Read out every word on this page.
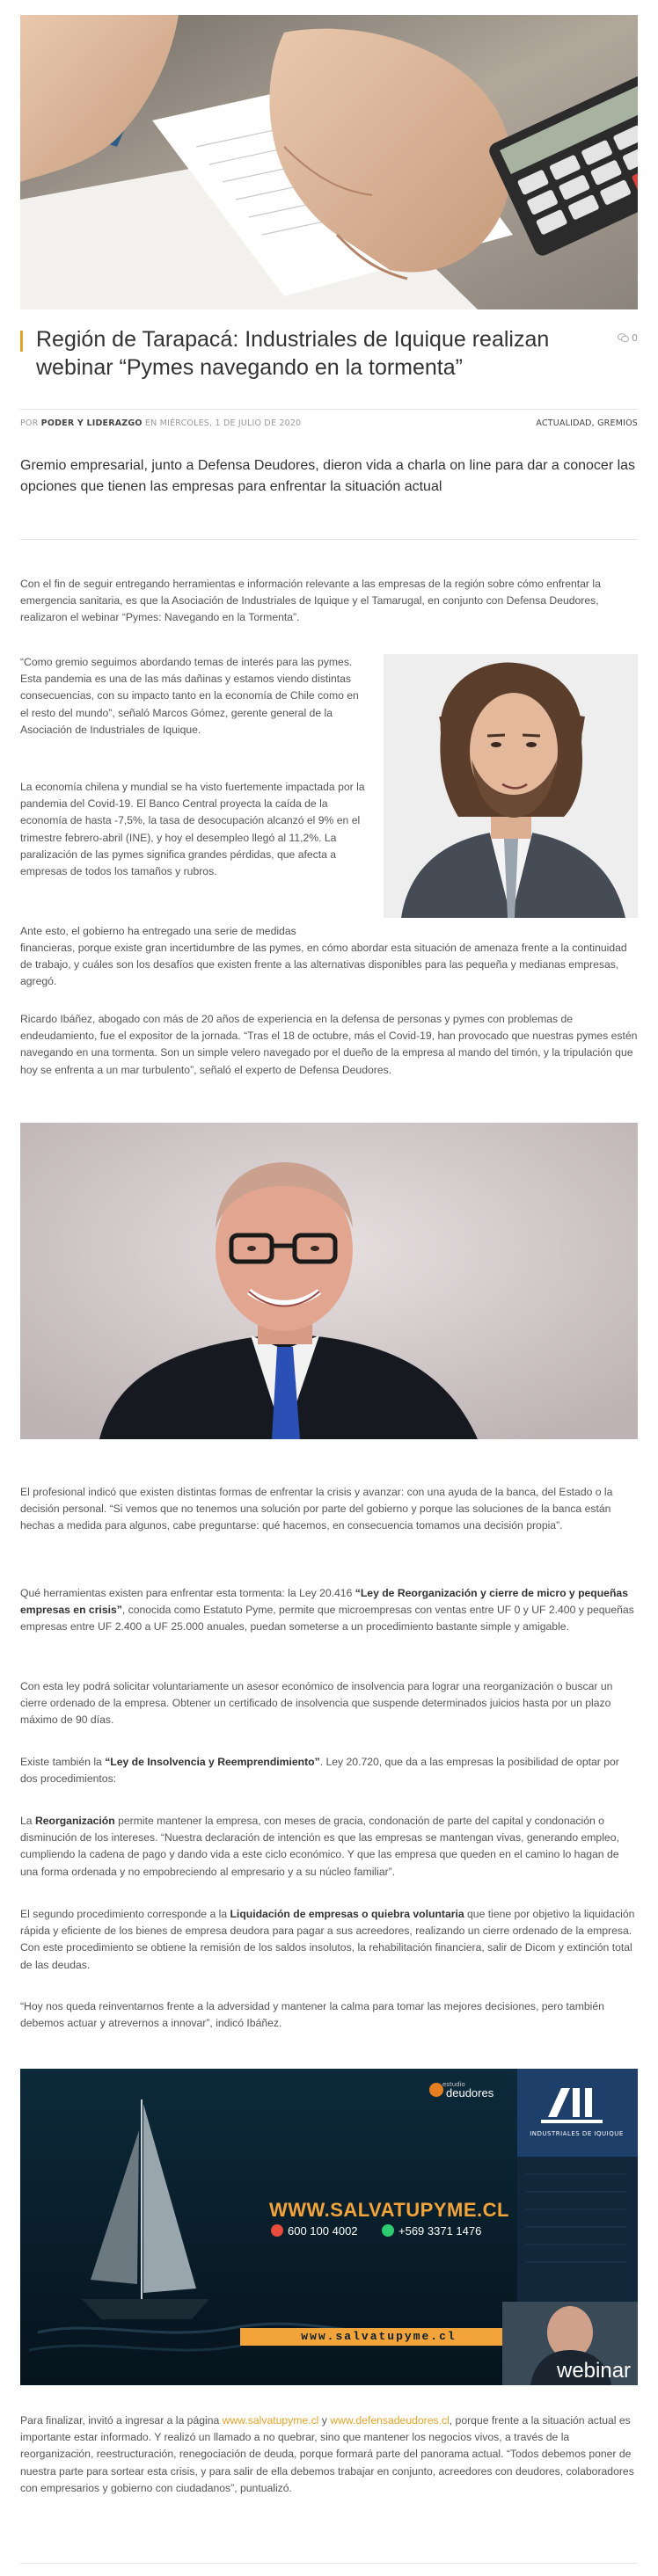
Región de Tarapacá: Industriales de Iquique realizan webinar “Pymes navegando en la tormenta”
0
POR PODER Y LIDERAZGO EN MIÉRCOLES, 1 DE JULIO DE 2020	ACTUALIDAD, GREMIOS

Gremio empresarial, junto a Defensa Deudores, dieron vida a charla on line para dar a conocer las opciones que tienen las empresas para enfrentar la situación actual

Con el fin de seguir entregando herramientas e información relevante a las empresas de la región sobre cómo enfrentar la emergencia sanitaria, es que la Asociación de Industriales de Iquique y el Tamarugal, en conjunto con Defensa Deudores, realizaron el webinar “Pymes: Navegando en la Tormenta”.

“Como gremio seguimos abordando temas de interés para las pymes. Esta pandemia es una de las más dañinas y estamos viendo distintas consecuencias, con su impacto tanto en la economía de Chile como en el resto del mundo”, señaló Marcos Gómez, gerente general de la Asociación de Industriales de Iquique.

La economía chilena y mundial se ha visto fuertemente impactada por la pandemia del Covid-19. El Banco Central proyecta la caída de la economía de hasta -7,5%, la tasa de desocupación alcanzó el 9% en el trimestre febrero-abril (INE), y hoy el desempleo llegó al 11,2%. La paralización de las pymes significa grandes pérdidas, que afecta a empresas de todos los tamaños y rubros.

Ante esto, el gobierno ha entregado una serie de medidas

financieras, porque existe gran incertidumbre de las pymes, en cómo abordar esta situación de amenaza frente a la continuidad de trabajo, y cuáles son los desafíos que existen frente a las alternativas disponibles para las pequeña y medianas empresas, agregó.

Ricardo Ibáñez, abogado con más de 20 años de experiencia en la defensa de personas y pymes con problemas de endeudamiento, fue el expositor de la jornada. “Tras el 18 de octubre, más el Covid-19, han provocado que nuestras pymes estén navegando en una tormenta. Son un simple velero navegado por el dueño de la empresa al mando del timón, y la tripulación que hoy se enfrenta a un mar turbulento”, señaló el experto de Defensa Deudores.

El profesional indicó que existen distintas formas de enfrentar la crisis y avanzar: con una ayuda de la banca, del Estado o la decisión personal. “Si vemos que no tenemos una solución por parte del gobierno y porque las soluciones de la banca están hechas a medida para algunos, cabe preguntarse: qué hacemos, en consecuencia tomamos una decisión propia”.

Qué herramientas existen para enfrentar esta tormenta: la Ley 20.416 “Ley de Reorganización y cierre de micro y pequeñas empresas en crisis”, conocida como Estatuto Pyme, permite que microempresas con ventas entre UF 0 y UF 2.400 y pequeñas empresas entre UF 2.400 a UF 25.000 anuales, puedan someterse a un procedimiento bastante simple y amigable.

Con esta ley podrá solicitar voluntariamente un asesor económico de insolvencia para lograr una reorganización o buscar un cierre ordenado de la empresa. Obtener un certificado de insolvencia que suspende determinados juicios hasta por un plazo máximo de 90 días.

Existe también la “Ley de Insolvencia y Reemprendimiento”. Ley 20.720, que da a las empresas la posibilidad de optar por dos procedimientos:

La Reorganización permite mantener la empresa, con meses de gracia, condonación de parte del capital y condonación o disminución de los intereses. “Nuestra declaración de intención es que las empresas se mantengan vivas, generando empleo, cumpliendo la cadena de pago y dando vida a este ciclo económico. Y que las empresa que queden en el camino lo hagan de una forma ordenada y no empobreciendo al empresario y a su núcleo familiar”.

El segundo procedimiento corresponde a la Liquidación de empresas o quiebra voluntaria que tiene por objetivo la liquidación rápida y eficiente de los bienes de empresa deudora para pagar a sus acreedores, realizando un cierre ordenado de la empresa. Con este procedimiento se obtiene la remisión de los saldos insolutos, la rehabilitación financiera, salir de Dicom y extinción total de las deudas.

“Hoy nos queda reinventarnos frente a la adversidad y mantener la calma para tomar las mejores decisiones, pero también debemos actuar y atrevernos a innovar”, indicó Ibáñez.

estudio
deudores
INDUSTRIALES DE IQUIQUE
WWW.SALVATUPYME.CL
600 100 4002	+569 3371 1476
www.salvatupyme.cl
webinar

Para finalizar, invitó a ingresar a la página www.salvatupyme.cl y www.defensadeudores.cl, porque frente a la situación actual es importante estar informado. Y realizó un llamado a no quebrar, sino que mantener los negocios vivos, a través de la reorganización, reestructuración, renegociación de deuda, porque formará parte del panorama actual. “Todos debemos poner de nuestra parte para sortear esta crisis, y para salir de ella debemos trabajar en conjunto, acreedores con deudores, colaboradores con empresarios y gobierno con ciudadanos”, puntualizó.
